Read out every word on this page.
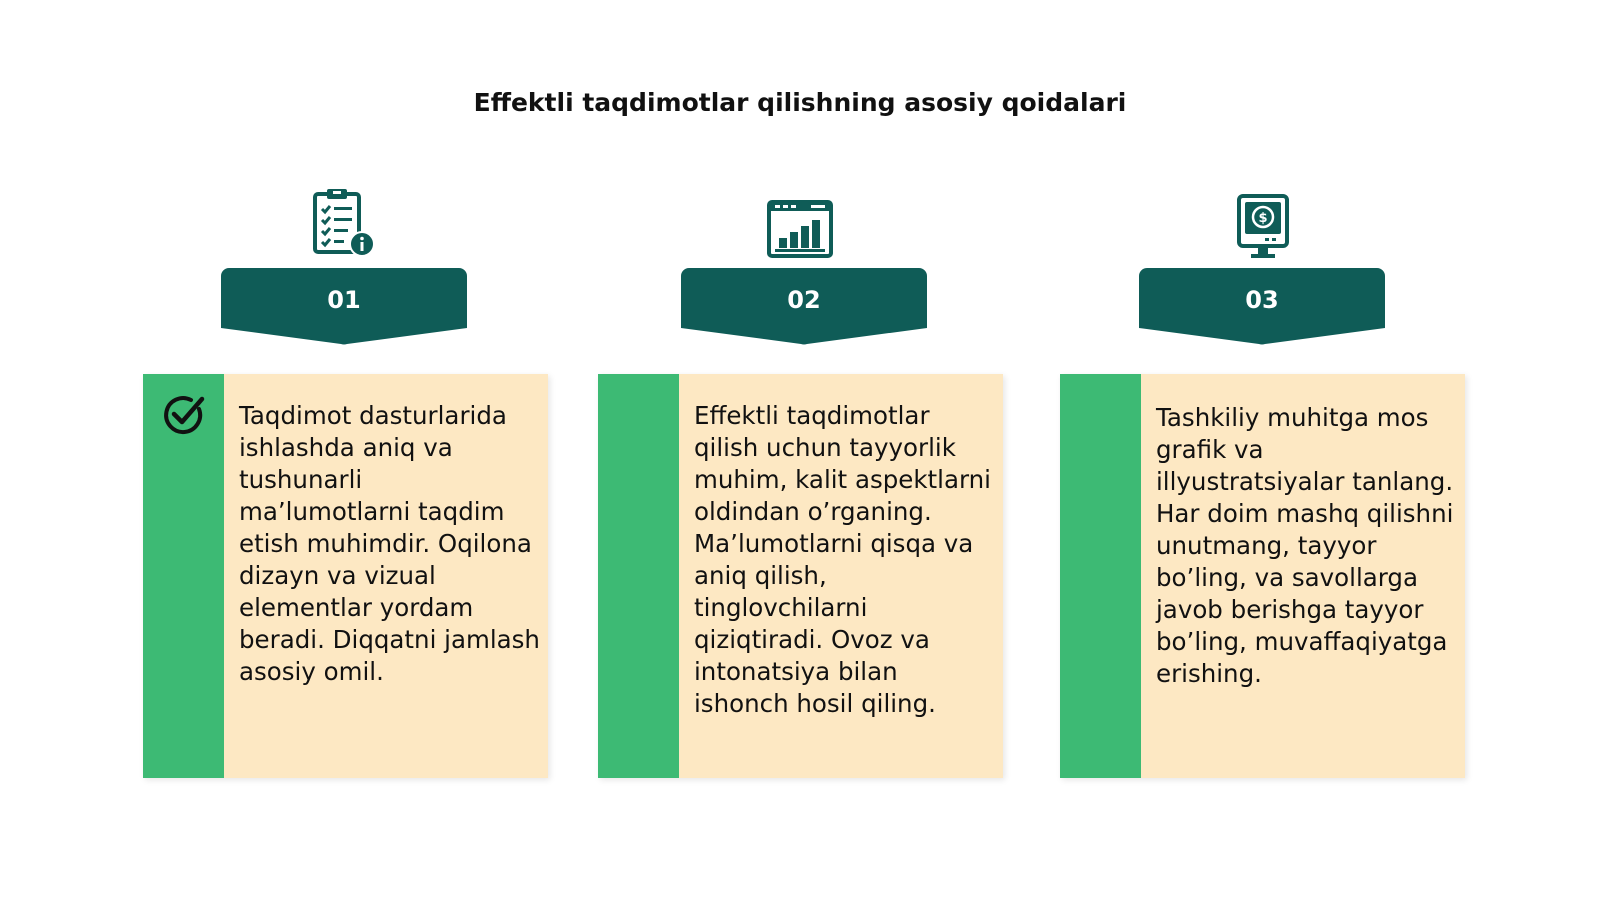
Effektli taqdimotlar qilishning asosiy qoidalari
$
01	02	03
Taqdimot dasturlarida ishlashda aniq va tushunarli ma’lumotlarni taqdim etish muhimdir. Oqilona dizayn va vizual elementlar yordam beradi. Diqqatni jamlash asosiy omil.
Effektli taqdimotlar qilish uchun tayyorlik muhim, kalit aspektlarni oldindan o’rganing. Ma’lumotlarni qisqa va aniq qilish, tinglovchilarni qiziqtiradi. Ovoz va intonatsiya bilan ishonch hosil qiling.
Tashkiliy muhitga mos grafik va illyustratsiyalar tanlang. Har doim mashq qilishni unutmang, tayyor bo’ling, va savollarga javob berishga tayyor bo’ling, muvaffaqiyatga erishing.
